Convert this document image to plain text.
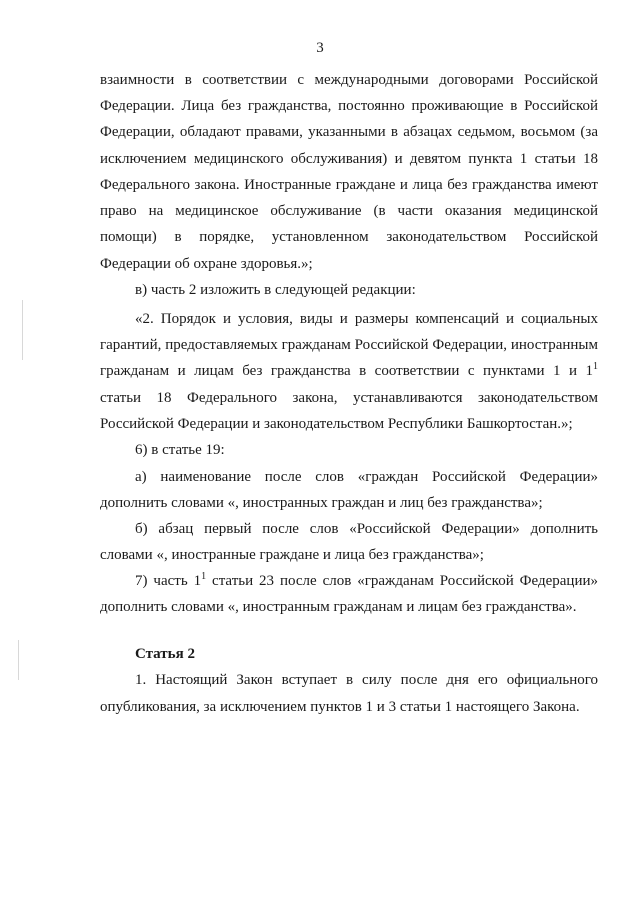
3
взаимности в соответствии с международными договорами Российской
Федерации. Лица без гражданства, постоянно проживающие в Российской
Федерации, обладают правами, указанными в абзацах седьмом, восьмом (за
исключением медицинского обслуживания) и девятом пункта 1 статьи 18
Федерального закона. Иностранные граждане и лица без гражданства имеют
право на медицинское обслуживание (в части оказания медицинской
помощи) в порядке, установленном законодательством Российской
Федерации об охране здоровья.»;
в) часть 2 изложить в следующей редакции:
«2. Порядок и условия, виды и размеры компенсаций и социальных
гарантий, предоставляемых гражданам Российской Федерации, иностранным
гражданам и лицам без гражданства в соответствии с пунктами 1 и $1^1$
статьи 18 Федерального закона, устанавливаются законодательством
Российской Федерации и законодательством Республики Башкортостан.»;
6) в статье 19:
а) наименование после слов «граждан Российской Федерации»
дополнить словами «, иностранных граждан и лиц без гражданства»;
б) абзац первый после слов «Российской Федерации» дополнить
словами «, иностранные граждане и лица без гражданства»;
7) часть $1^1$ статьи 23 после слов «гражданам Российской Федерации»
дополнить словами «, иностранным гражданам и лицам без гражданства».
Статья 2
1. Настоящий Закон вступает в силу после дня его официального
опубликования, за исключением пунктов 1 и 3 статьи 1 настоящего Закона.
